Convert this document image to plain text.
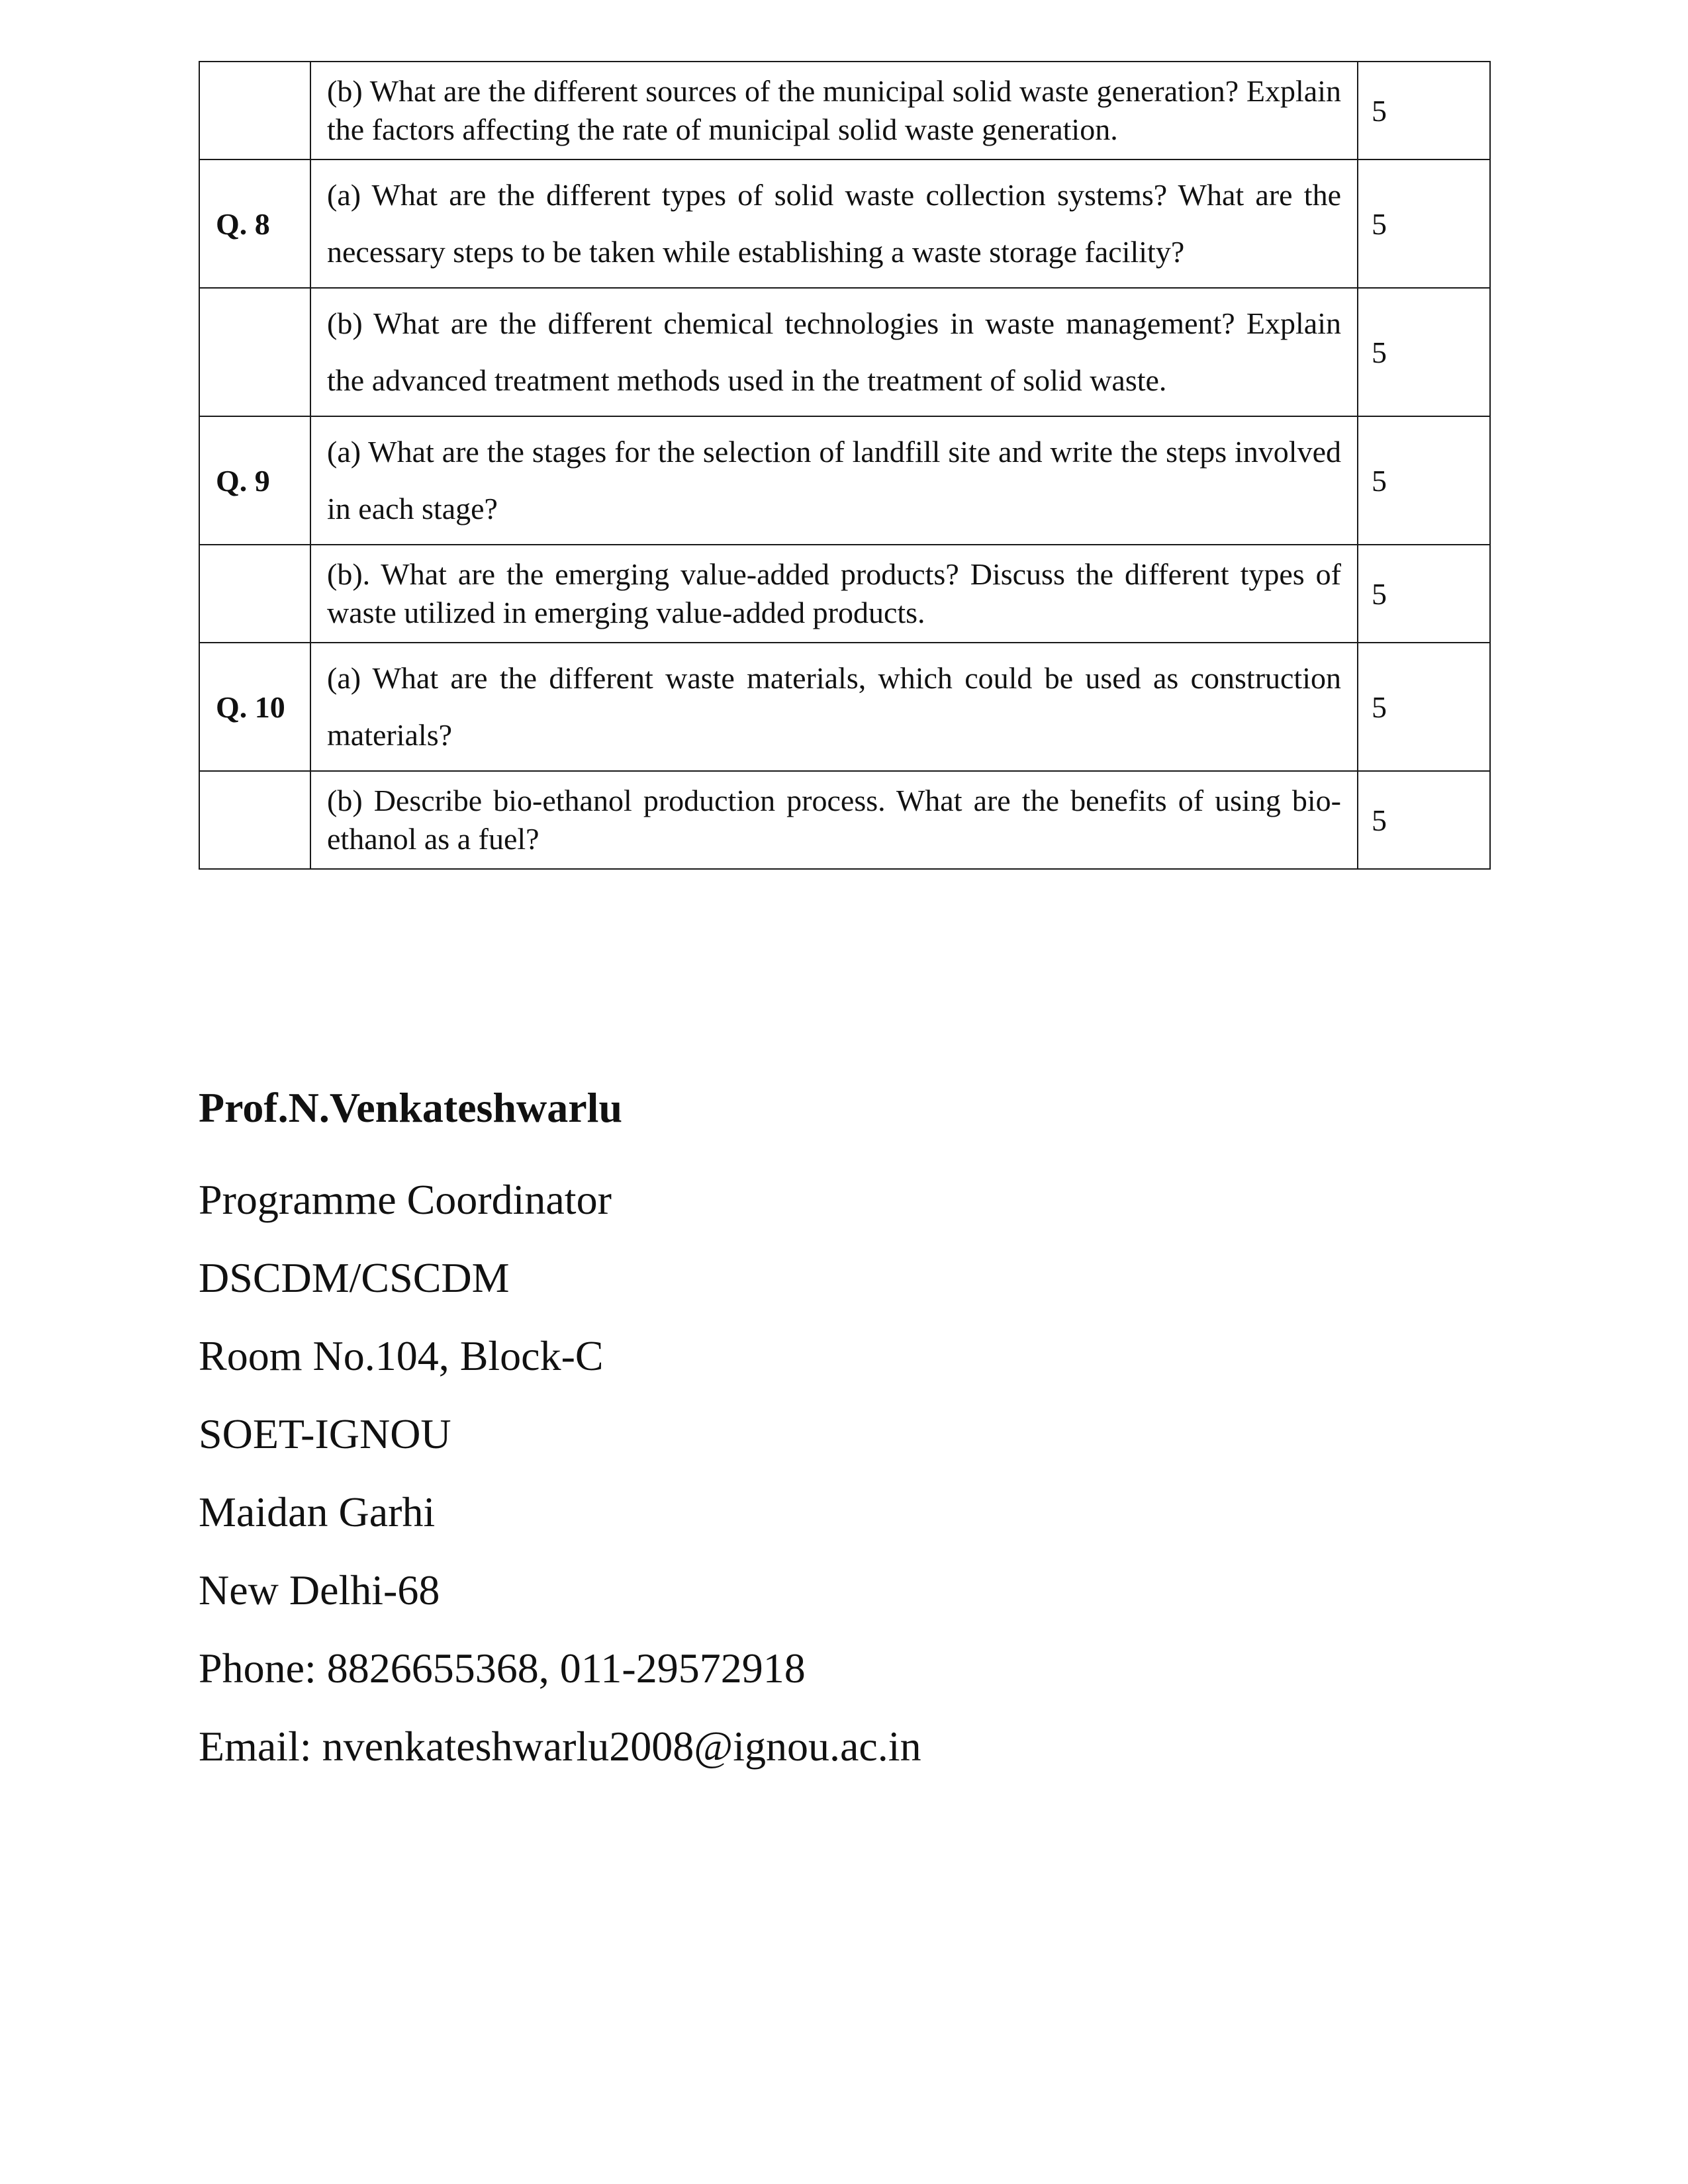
	(b) What are the different sources of the municipal solid waste generation? Explain the factors affecting the rate of municipal solid waste generation.	5
Q. 8	(a) What are the different types of solid waste collection systems? What are the necessary steps to be taken while establishing a waste storage facility?	5

	(b) What are the different chemical technologies in waste management? Explain the advanced treatment methods used in the treatment of solid waste.	5
Q. 9	(a) What are the stages for the selection of landfill site and write the steps involved in each stage?	5

	(b). What are the emerging value-added products? Discuss the different types of waste utilized in emerging value-added products.	5
Q. 10	(a) What are the different waste materials, which could be used as construction materials?	5

	(b) Describe bio-ethanol production process. What are the benefits of using bio-ethanol as a fuel?	5

Prof.N.Venkateshwarlu

Programme Coordinator

DSCDM/CSCDM

Room No.104, Block-C

SOET-IGNOU

Maidan Garhi

New Delhi-68

Phone: 8826655368, 011-29572918

Email: nvenkateshwarlu2008@ignou.ac.in
